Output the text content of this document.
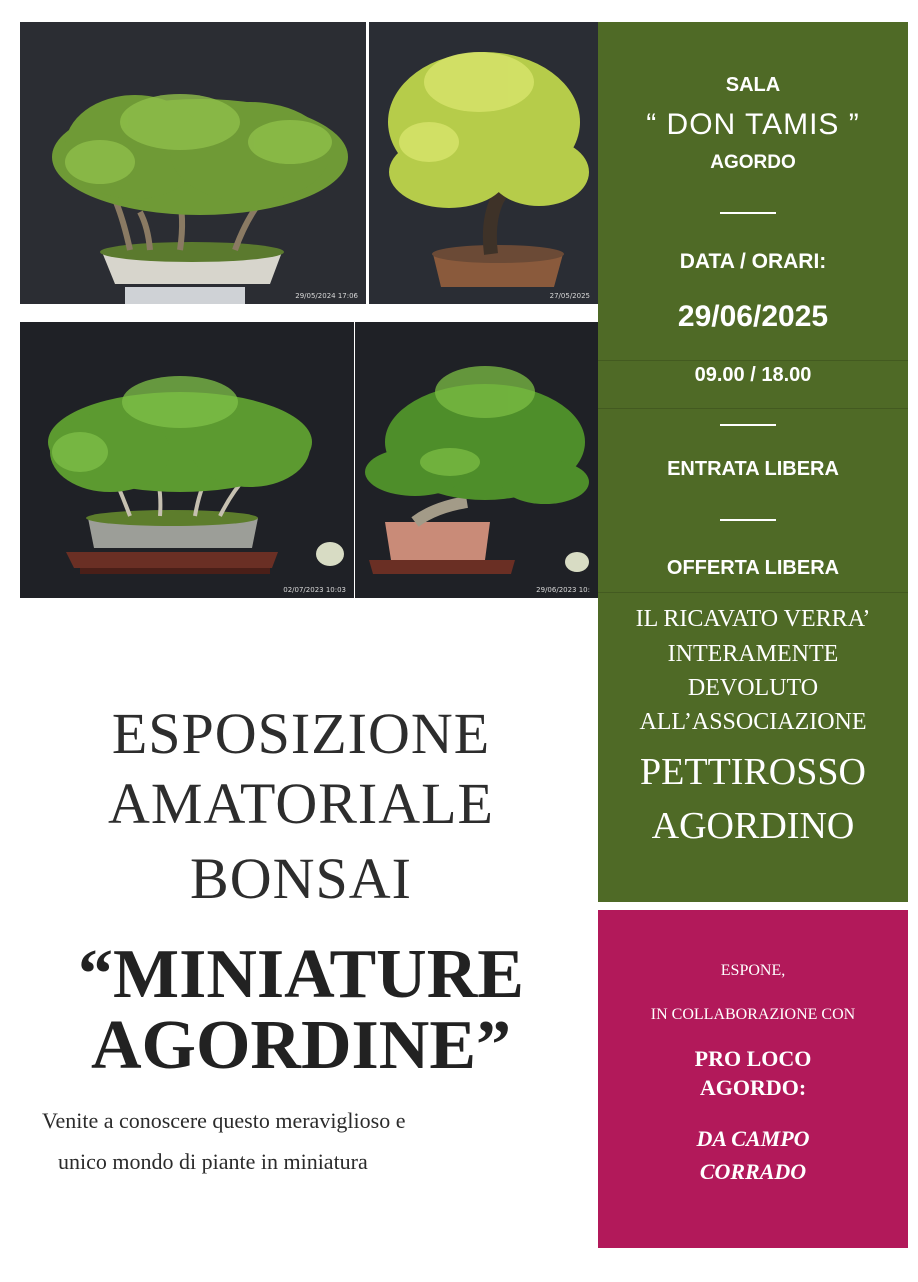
29/05/2024 17:06	27/05/2025
02/07/2023 10:03	29/06/2023 10:
SALA
“ DON TAMIS ”
AGORDO
DATA / ORARI:
29/06/2025
09.00 / 18.00
ENTRATA LIBERA
OFFERTA LIBERA
IL RICAVATO VERRA’
INTERAMENTE
DEVOLUTO
ALL’ASSOCIAZIONE
PETTIROSSO
AGORDINO
ESPONE,
IN COLLABORAZIONE CON
PRO LOCO
AGORDO:
DA CAMPO
CORRADO
ESPOSIZIONE
AMATORIALE
BONSAI
“MINIATURE
AGORDINE”
Venite a conoscere questo meraviglioso e
unico mondo di piante in miniatura
